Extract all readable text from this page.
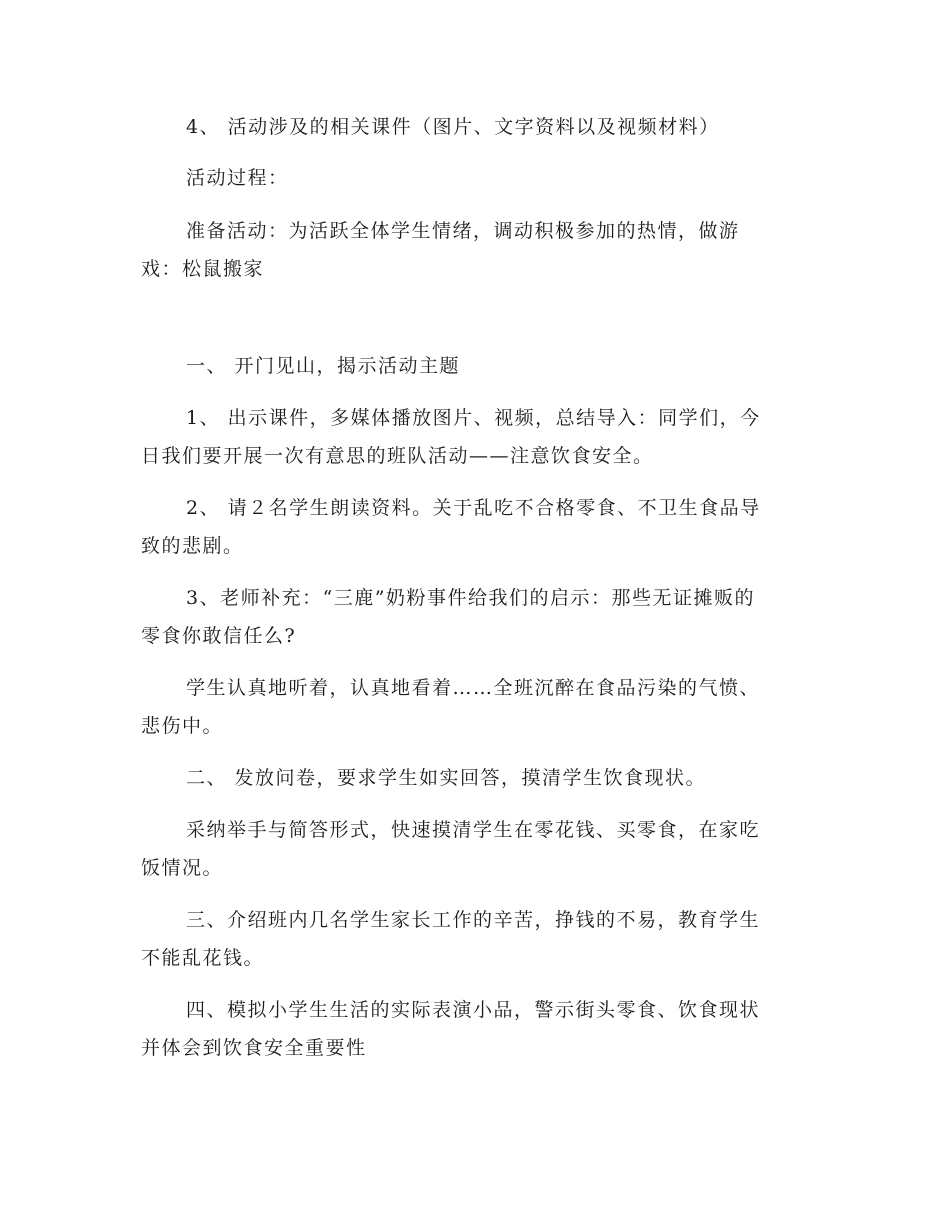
4、 活动涉及的相关课件（图片、文字资料以及视频材料）
活动过程：
准备活动：为活跃全体学生情绪，调动积极参加的热情，做游
戏：松鼠搬家
一、 开门见山，揭示活动主题
1、 出示课件，多媒体播放图片、视频，总结导入：同学们，今
日我们要开展一次有意思的班队活动——注意饮食安全。
2、 请２名学生朗读资料。关于乱吃不合格零食、不卫生食品导
致的悲剧。
3、老师补充：“三鹿”奶粉事件给我们的启示：那些无证摊贩的
零食你敢信任么?
学生认真地听着，认真地看着……全班沉醉在食品污染的气愤、
悲伤中。
二、 发放问卷，要求学生如实回答，摸清学生饮食现状。
采纳举手与简答形式，快速摸清学生在零花钱、买零食，在家吃
饭情况。
三、介绍班内几名学生家长工作的辛苦，挣钱的不易，教育学生
不能乱花钱。
四、模拟小学生生活的实际表演小品，警示街头零食、饮食现状
并体会到饮食安全重要性
